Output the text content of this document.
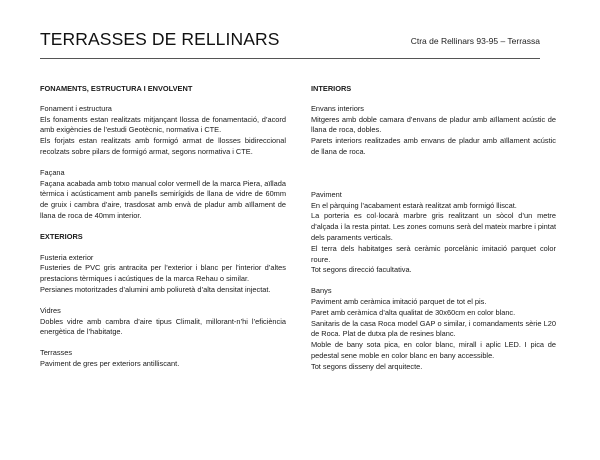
TERRASSES DE RELLINARS	Ctra de Rellinars 93-95 – Terrassa
FONAMENTS, ESTRUCTURA I ENVOLVENT
Fonament i estructura

Els fonaments estan realitzats mitjançant llossa de fonamentació, d’acord amb exigències de l’estudi Geotècnic, normativa i CTE.

Els forjats estan realitzats amb formigó armat de llosses bidireccional recolzats sobre pilars de formigó armat, segons normativa i CTE.

Façana

Façana acabada amb totxo manual color vermell de la marca Piera, aïllada tèrmica i acústicament amb panells semirígids de llana de vidre de 60mm de gruix i cambra d’aire, trasdosat amb envà de pladur amb aïllament de llana de roca de 40mm interior.

EXTERIORS
Fusteria exterior

Fusteries de PVC gris antracita per l’exterior i blanc per l’interior d’altes prestacions tèrmiques i acústiques de la marca Rehau o similar.

Persianes motoritzades d’alumini amb poliuretà d’alta densitat injectat.

Vidres

Dobles vidre amb cambra d’aire tipus Climalit, millorant-n’hi l’eficiència energètica de l’habitatge.

Terrasses

Paviment de gres per exteriors antilliscant.

INTERIORS
Envans interiors

Mitgeres amb doble camara d’envans de pladur amb aïllament acústic de llana de roca, dobles.

Parets interiors realitzades amb envans de pladur amb aïllament acústic de llana de roca.

Paviment

En el pàrquing l’acabament estarà realitzat amb formigó lliscat.

La porteria es col·locarà marbre gris realitzant un sòcol d’un metre d’alçada i la resta pintat. Les zones comuns serà del mateix marbre i pintat dels paraments verticals.

El terra dels habitatges serà ceràmic porcelànic imitació parquet color roure.

Tot segons direcció facultativa.

Banys

Paviment amb ceràmica imitació parquet de tot el pis.

Paret amb ceràmica d’alta qualitat de 30x60cm en color blanc.

Sanitaris de la casa Roca model GAP o similar, i comandaments sèrie L20 de Roca. Plat de dutxa pla de resines blanc.

Moble de bany sota pica, en color blanc, mirall i aplic LED. I pica de pedestal sene moble en color blanc en bany accessible.

Tot segons disseny del arquitecte.
